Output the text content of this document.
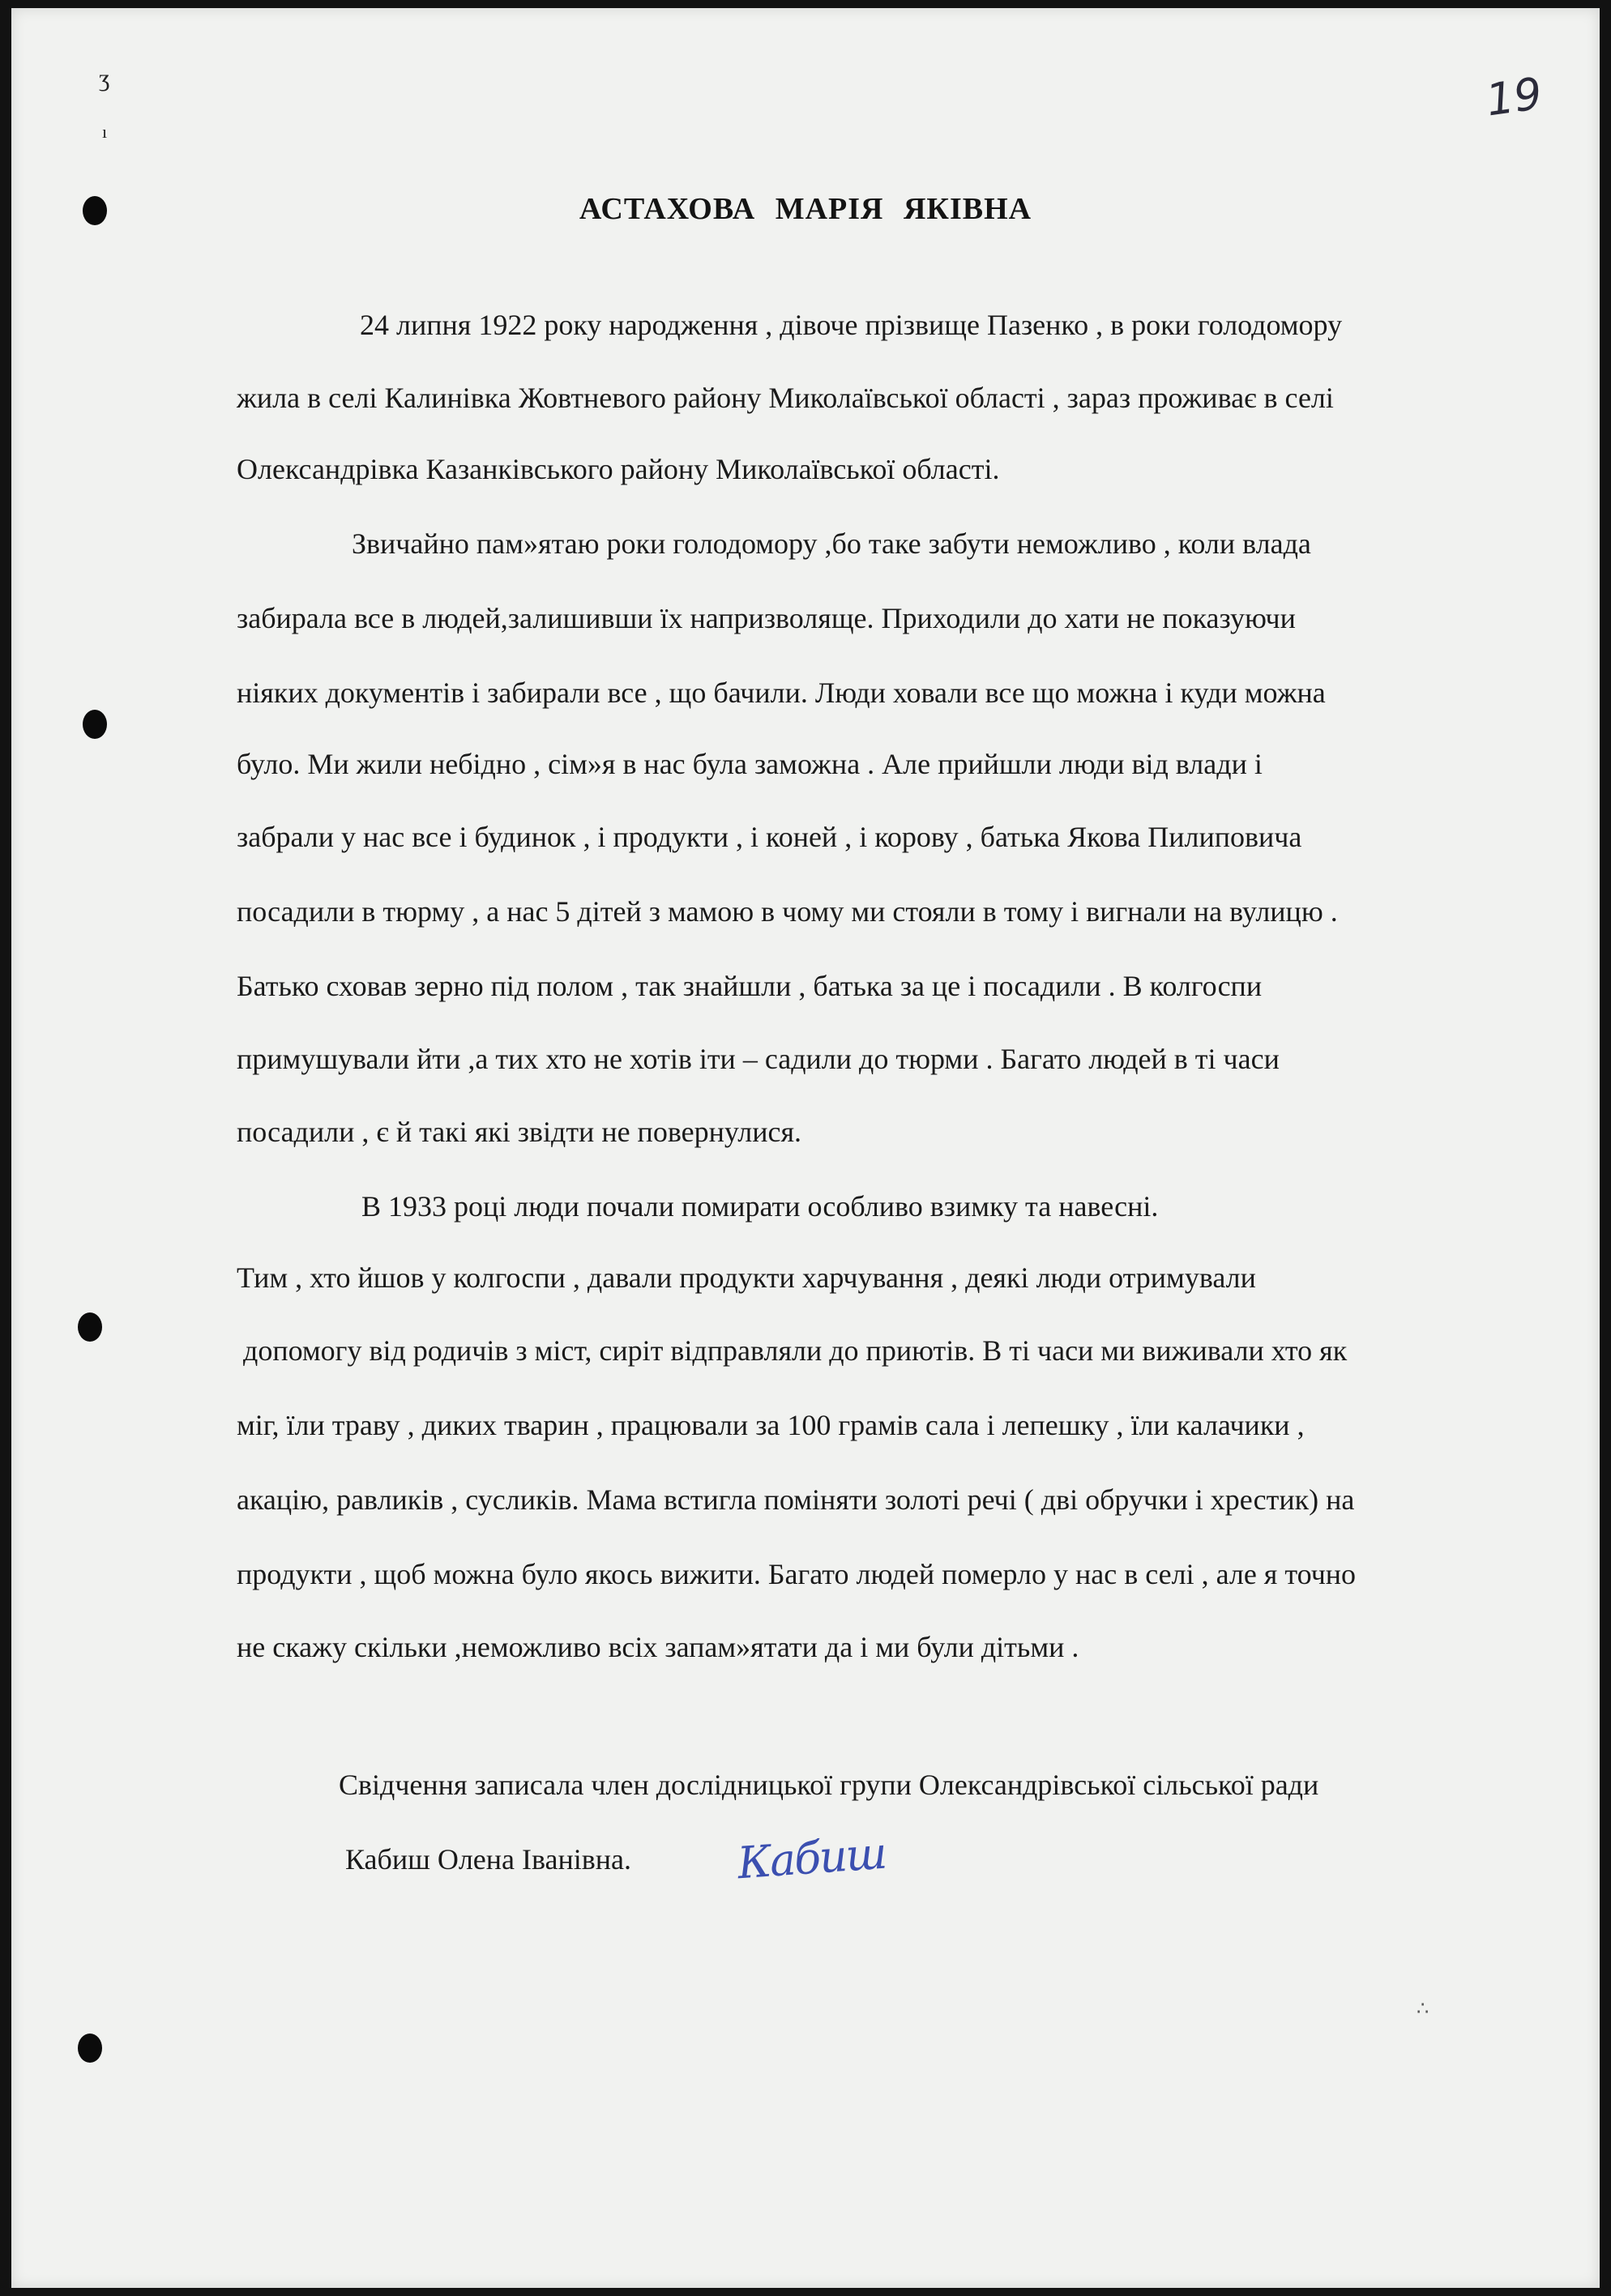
ʒ
ı
19
АСТАХОВА МАРІЯ ЯКІВНА
24 липня 1922 року народження , дівоче прізвище Пазенко , в роки голодомору
жила в селі Калинівка Жовтневого району Миколаївської області , зараз проживає в селі
Олександрівка Казанківського району Миколаївської області.
Звичайно пам»ятаю роки голодомору ,бо таке забути неможливо , коли влада
забирала все в людей,залишивши їх напризволяще. Приходили до хати не показуючи
ніяких документів і забирали все , що бачили. Люди ховали все що можна і куди можна
було. Ми жили небідно , сім»я в нас була заможна . Але прийшли люди від влади і
забрали у нас все і будинок , і продукти , і коней , і корову , батька Якова Пилиповича
посадили в тюрму , а нас 5 дітей з мамою в чому ми стояли в тому і вигнали на вулицю .
Батько сховав зерно під полом , так знайшли , батька за це і посадили . В колгоспи
примушували йти ,а тих хто не хотів іти – садили до тюрми . Багато людей в ті часи
посадили , є й такі які звідти не повернулися.
В 1933 році люди почали помирати особливо взимку та навесні.
Тим , хто йшов у колгоспи , давали продукти харчування , деякі люди отримували
допомогу від родичів з міст, сиріт відправляли до приютів. В ті часи ми виживали хто як
міг, їли траву , диких тварин , працювали за 100 грамів сала і лепешку , їли калачики ,
акацію, равликів , сусликів. Мама встигла поміняти золоті речі ( дві обручки і хрестик) на
продукти , щоб можна було якось вижити. Багато людей померло у нас в селі , але я точно
не скажу скільки ,неможливо всіх запам»ятати да і ми були дітьми .
Свідчення записала член дослідницької групи Олександрівської сільської ради
Кабиш Олена Іванівна. Кабиш
∴
